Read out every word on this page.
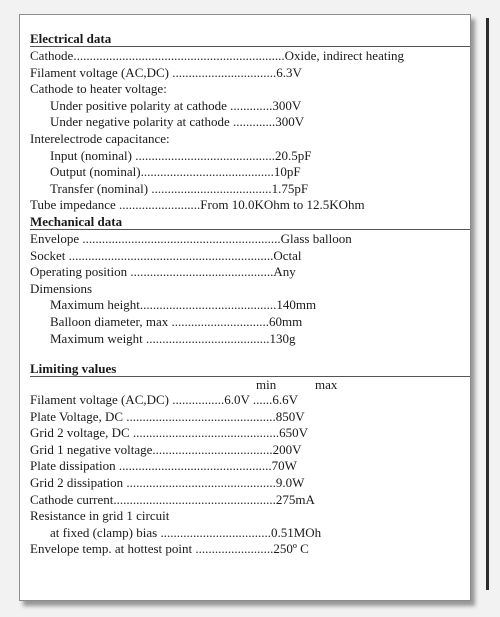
Electrical data
Cathode.................................................................Oxide, indirect heating
Filament voltage (AC,DC) ................................6.3V
Cathode to heater voltage:
Under positive polarity at cathode .............300V
Under negative polarity at cathode .............300V
Interelectrode capacitance:
Input (nominal) ...........................................20.5pF
Output (nominal).........................................10pF
Transfer (nominal) .....................................1.75pF
Tube impedance .........................From 10.0KOhm to 12.5KOhm
Mechanical data
Envelope .............................................................Glass balloon
Socket ...............................................................Octal
Operating position ............................................Any
Dimensions
Maximum height..........................................140mm
Balloon diameter, max ..............................60mm
Maximum weight ......................................130g
Limiting values
min	max
Filament voltage (AC,DC) ................6.0V ......6.6V
Plate Voltage, DC ..............................................850V
Grid 2 voltage, DC .............................................650V
Grid 1 negative voltage.....................................200V
Plate dissipation ...............................................70W
Grid 2 dissipation ..............................................9.0W
Cathode current..................................................275mA
Resistance in grid 1 circuit
at fixed (clamp) bias ..................................0.51MOh
Envelope temp. at hottest point ........................250º C
